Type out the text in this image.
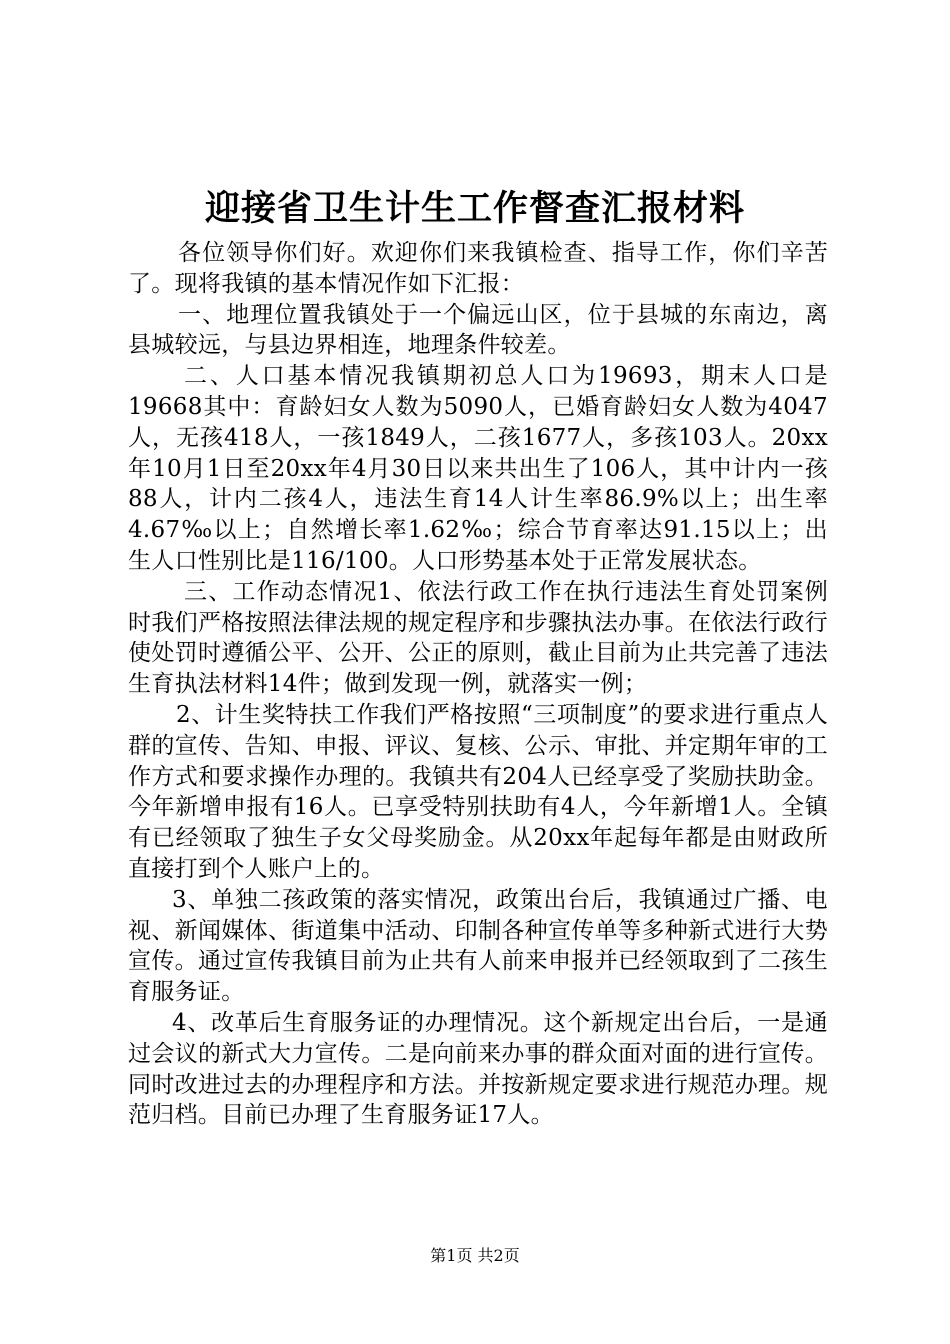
迎接省卫生计生工作督查汇报材料

各位领导你们好。欢迎你们来我镇检查、指导工作，你们辛苦了。现将我镇的基本情况作如下汇报：

一、地理位置我镇处于一个偏远山区，位于县城的东南边，离县城较远，与县边界相连，地理条件较差。

二、人口基本情况我镇期初总人口为19693，期末人口是19668其中：育龄妇女人数为5090人，已婚育龄妇女人数为4047人，无孩418人，一孩1849人，二孩1677人，多孩103人。20xx年10月1日至20xx年4月30日以来共出生了106人，其中计内一孩88人，计内二孩4人，违法生育14人计生率86.9%以上；出生率4.67‰以上；自然增长率1.62‰；综合节育率达91.15以上；出生人口性别比是116/100。人口形势基本处于正常发展状态。

三、工作动态情况1、依法行政工作在执行违法生育处罚案例时我们严格按照法律法规的规定程序和步骤执法办事。在依法行政行使处罚时遵循公平、公开、公正的原则，截止目前为止共完善了违法生育执法材料14件；做到发现一例，就落实一例；

2、计生奖特扶工作我们严格按照“三项制度”的要求进行重点人群的宣传、告知、申报、评议、复核、公示、审批、并定期年审的工作方式和要求操作办理的。我镇共有204人已经享受了奖励扶助金。今年新增申报有16人。已享受特别扶助有4人，今年新增1人。全镇有已经领取了独生子女父母奖励金。从20xx年起每年都是由财政所直接打到个人账户上的。

3、单独二孩政策的落实情况，政策出台后，我镇通过广播、电视、新闻媒体、街道集中活动、印制各种宣传单等多种新式进行大势宣传。通过宣传我镇目前为止共有人前来申报并已经领取到了二孩生育服务证。

4、改革后生育服务证的办理情况。这个新规定出台后，一是通过会议的新式大力宣传。二是向前来办事的群众面对面的进行宣传。同时改进过去的办理程序和方法。并按新规定要求进行规范办理。规范归档。目前已办理了生育服务证17人。

第1页 共2页
